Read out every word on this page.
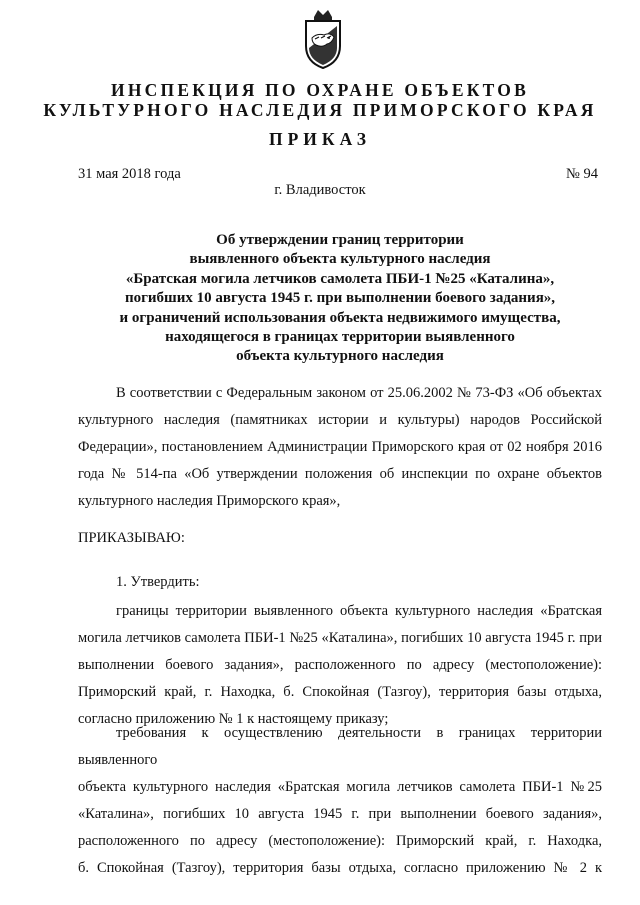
ИНСПЕКЦИЯ ПО ОХРАНЕ ОБЪЕКТОВ
КУЛЬТУРНОГО НАСЛЕДИЯ ПРИМОРСКОГО КРАЯ
ПРИКАЗ
31 мая 2018 года	№ 94
г. Владивосток
Об утверждении границ территории
выявленного объекта культурного наследия
«Братская могила летчиков самолета ПБИ-1 №25 «Каталина»,
погибших 10 августа 1945 г. при выполнении боевого задания»,
и ограничений использования объекта недвижимого имущества,
находящегося в границах территории выявленного
объекта культурного наследия
В соответствии с Федеральным законом от 25.06.2002 № 73-ФЗ «Об объектах
культурного наследия (памятниках истории и культуры) народов Российской
Федерации», постановлением Администрации Приморского края от 02 ноября 2016
года № 514-па «Об утверждении положения об инспекции по охране объектов
культурного наследия Приморского края»,
ПРИКАЗЫВАЮ:
1. Утвердить:
границы территории выявленного объекта культурного наследия «Братская
могила летчиков самолета ПБИ-1 №25 «Каталина», погибших 10 августа 1945 г. при
выполнении боевого задания», расположенного по адресу (местоположение):
Приморский край, г. Находка, б. Спокойная (Тазгоу), территория базы отдыха,
согласно приложению № 1 к настоящему приказу;
требования к осуществлению деятельности в границах территории выявленного
объекта культурного наследия «Братская могила летчиков самолета ПБИ-1 №25
«Каталина», погибших 10 августа 1945 г. при выполнении боевого задания»,
расположенного по адресу (местоположение): Приморский край, г. Находка,
б. Спокойная (Тазгоу), территория базы отдыха, согласно приложению № 2 к
